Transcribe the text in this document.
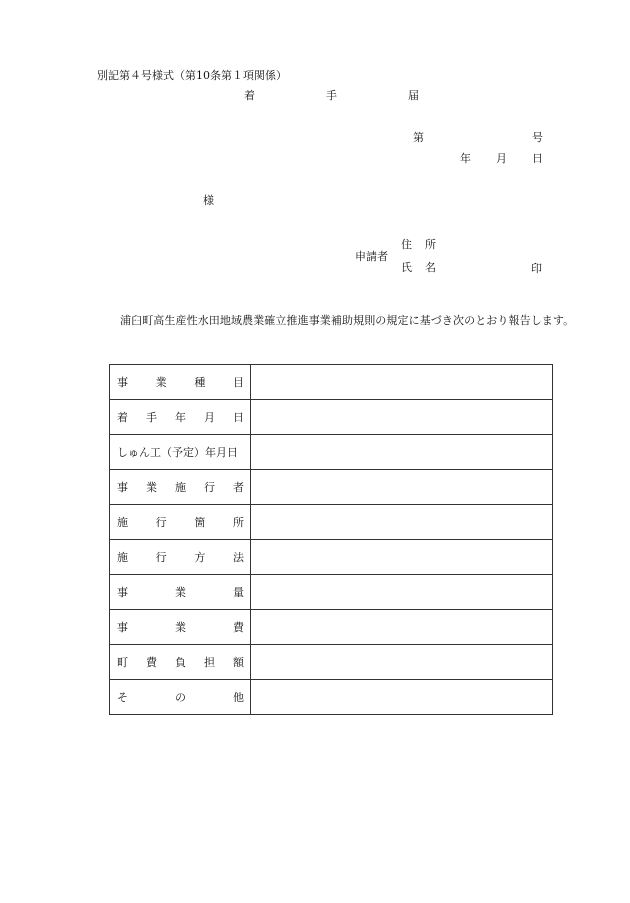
別記第４号様式（第10条第１項関係）
着	手	届
第	号
年 月 日
様
申請者
住 所
氏 名	印
浦臼町高生産性水田地域農業確立推進事業補助規則の規定に基づき次のとおり報告します。
事 業 種 目	

着 手 年 月 日	

しゅん工（予定）年月日	

事 業 施 行 者	

施 行 箇 所	

施 行 方 法	

事 業 量	

事 業 費	

町 費 負 担 額	

そ の 他	
